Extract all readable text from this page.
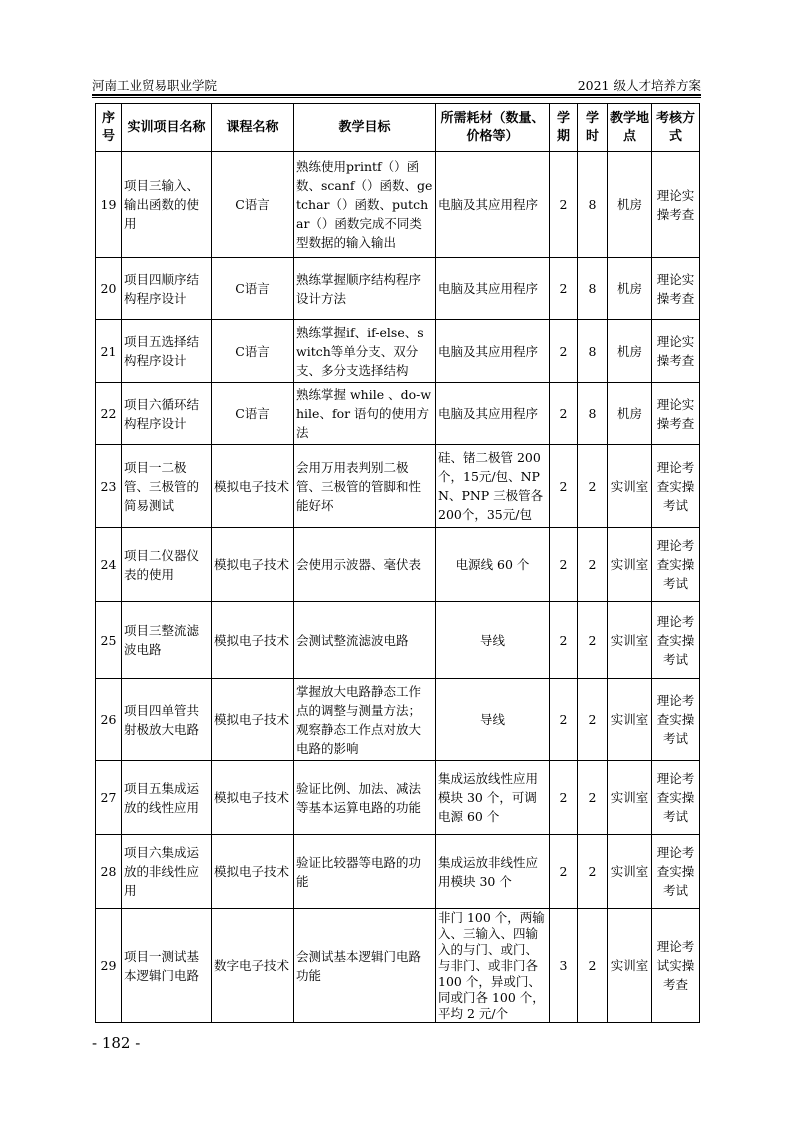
河南工业贸易职业学院	2021 级人才培养方案
序号	实训项目名称	课程名称	教学目标	所需耗材（数量、价格等）	学期	学时	教学地点	考核方式
19	项目三输入、输出函数的使用	C语言	熟练使用printf（）函数、scanf（）函数、getchar（）函数、putchar（）函数完成不同类型数据的输入输出	电脑及其应用程序	2	8	机房	理论实操考查
20	项目四顺序结构程序设计	C语言	熟练掌握顺序结构程序设计方法	电脑及其应用程序	2	8	机房	理论实操考查
21	项目五选择结构程序设计	C语言	熟练掌握if、if-else、switch等单分支、双分支、多分支选择结构	电脑及其应用程序	2	8	机房	理论实操考查
22	项目六循环结构程序设计	C语言	熟练掌握 while 、do-while、for 语句的使用方法	电脑及其应用程序	2	8	机房	理论实操考查
23	项目一二极管、三极管的简易测试	模拟电子技术	会用万用表判别二极管、三极管的管脚和性能好坏	硅、锗二极管 200个，15元/包、NPN、PNP 三极管各 200个，35元/包	2	2	实训室	理论考查实操考试
24	项目二仪器仪表的使用	模拟电子技术	会使用示波器、毫伏表	电源线 60 个	2	2	实训室	理论考查实操考试
25	项目三整流滤波电路	模拟电子技术	会测试整流滤波电路	导线	2	2	实训室	理论考查实操考试
26	项目四单管共射极放大电路	模拟电子技术	掌握放大电路静态工作点的调整与测量方法；观察静态工作点对放大电路的影响	导线	2	2	实训室	理论考查实操考试
27	项目五集成运放的线性应用	模拟电子技术	验证比例、加法、减法等基本运算电路的功能	集成运放线性应用模块 30 个，可调电源 60 个	2	2	实训室	理论考查实操考试
28	项目六集成运放的非线性应用	模拟电子技术	验证比较器等电路的功能	集成运放非线性应用模块 30 个	2	2	实训室	理论考查实操考试
29	项目一测试基本逻辑门电路	数字电子技术	会测试基本逻辑门电路功能	非门 100 个，两输入、三输入、四输入的与门、或门、与非门、或非门各 100 个，异或门、同或门各 100 个，平均 2 元/个	3	2	实训室	理论考试实操考查
- 182 -
